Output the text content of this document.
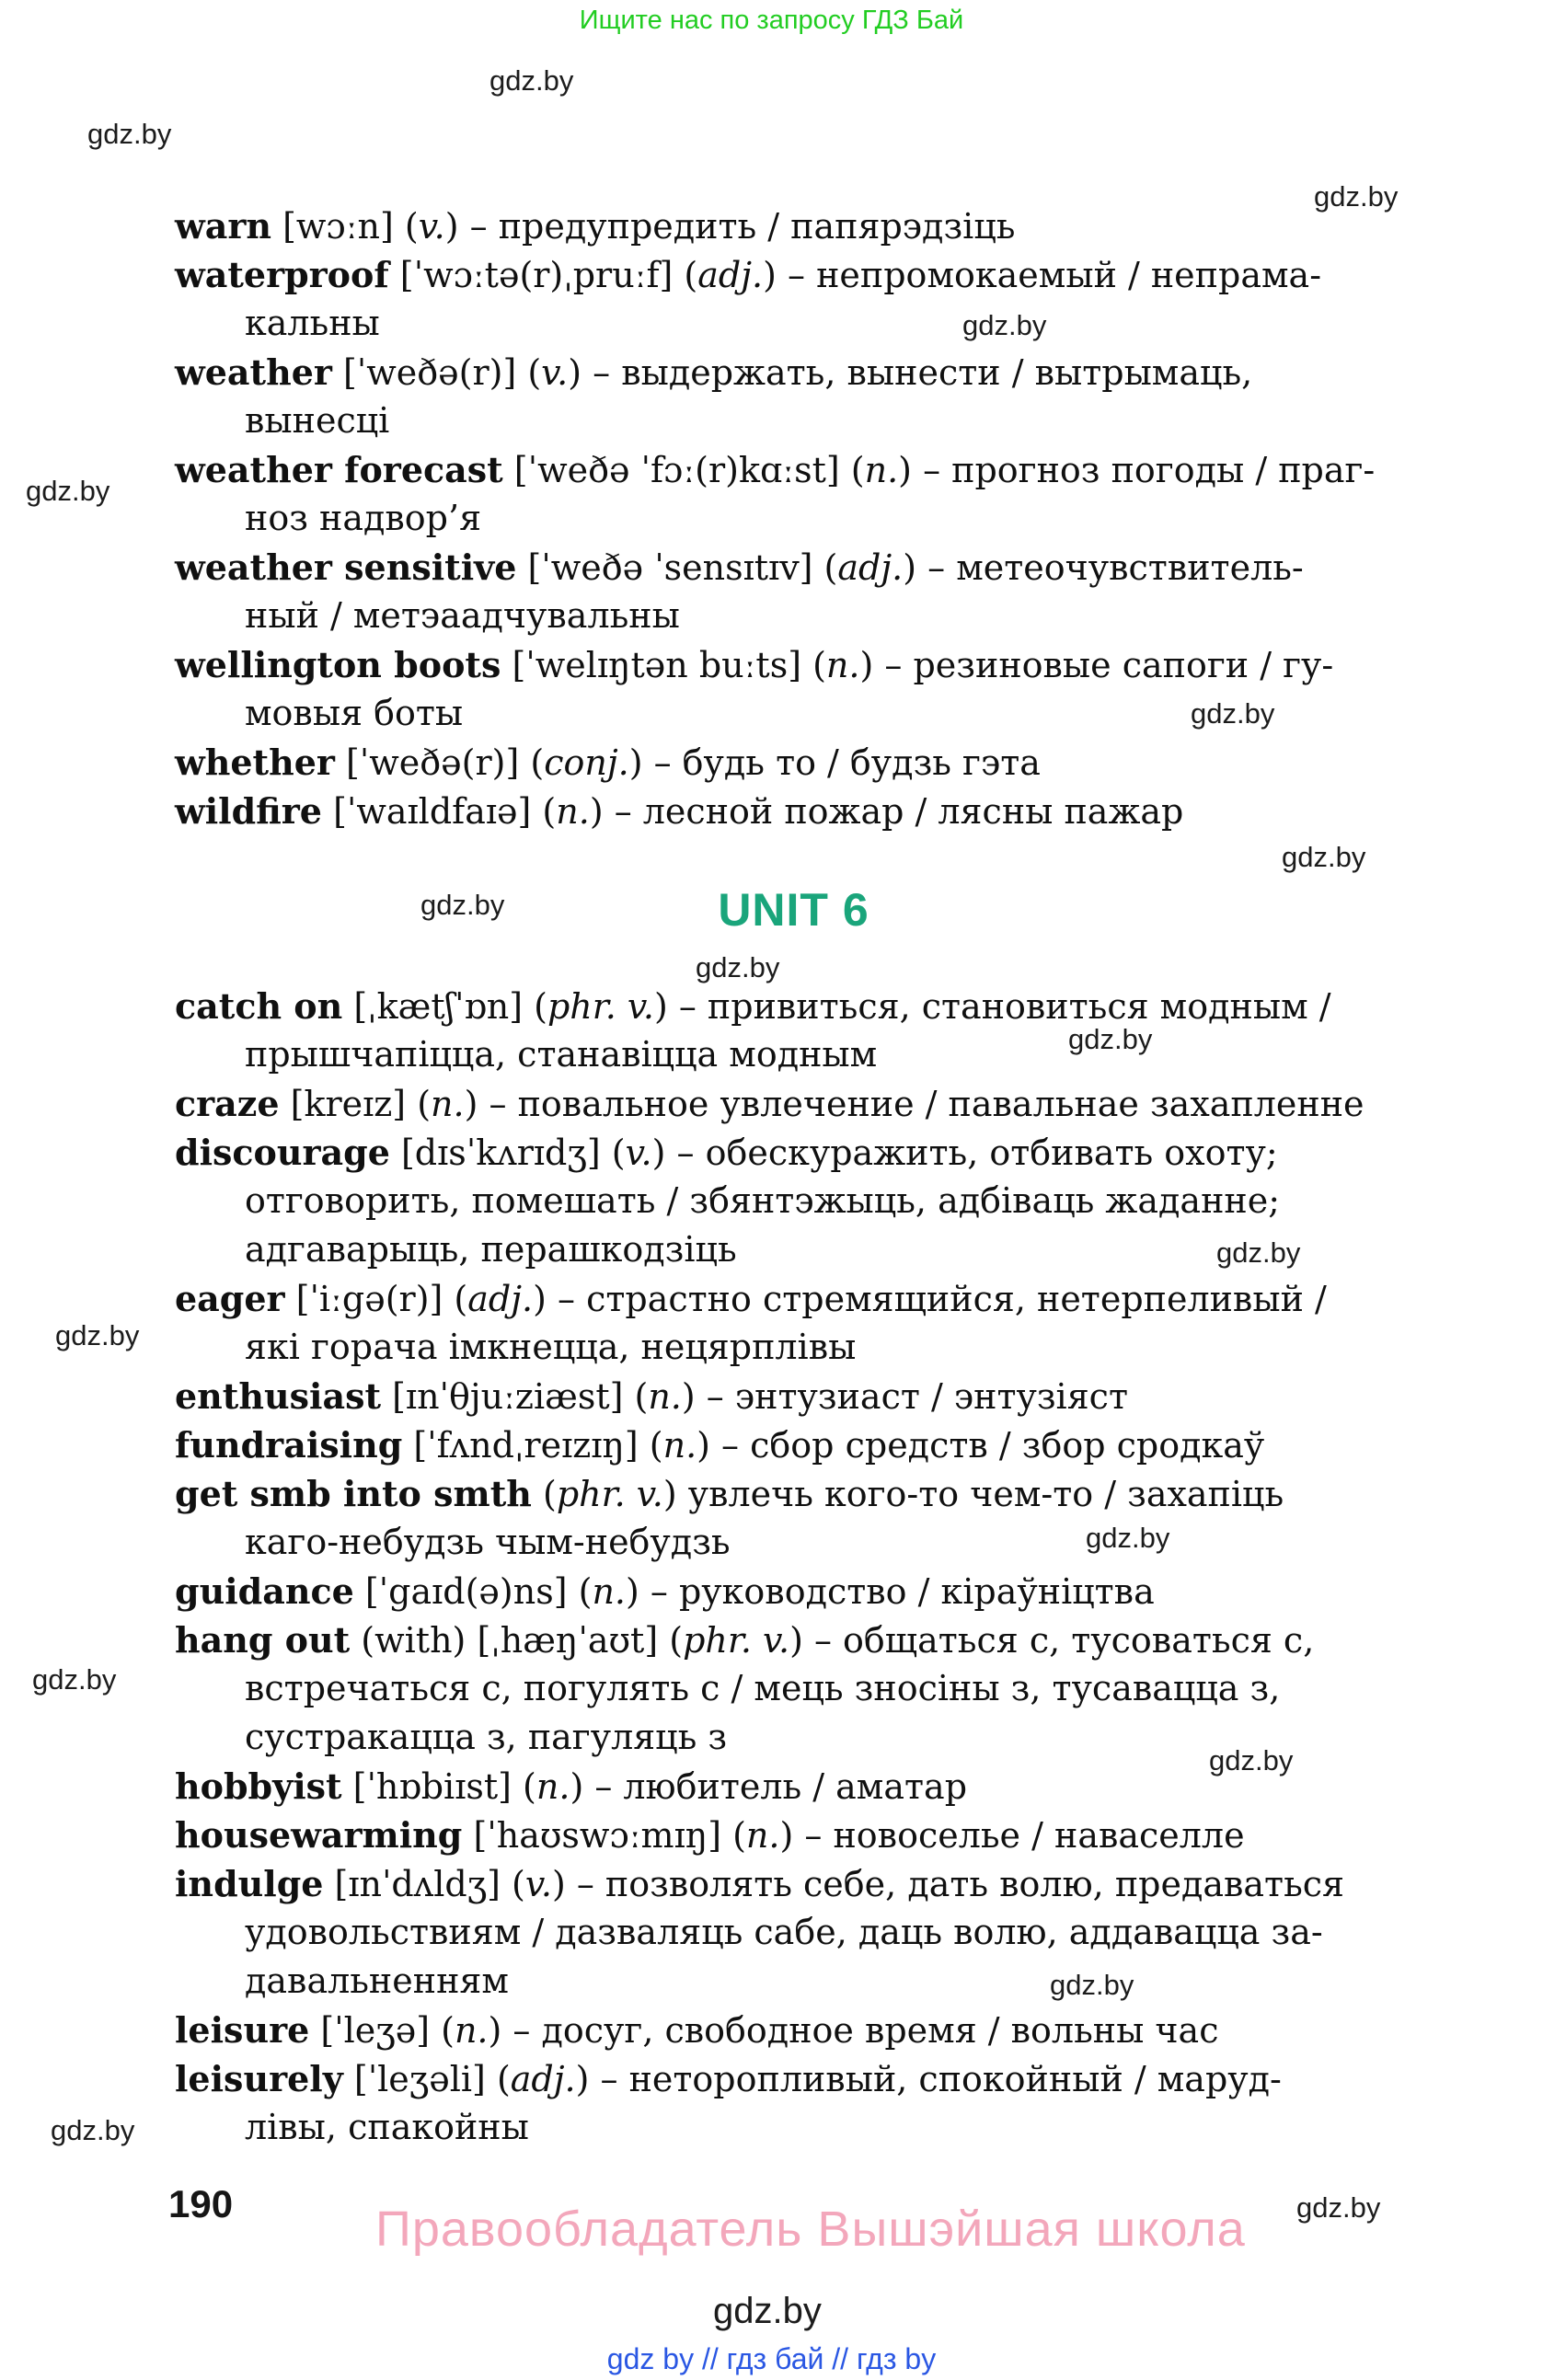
Ищите нас по запросу ГДЗ Бай
gdz.by
gdz.by
gdz.by
gdz.by
gdz.by
gdz.by
gdz.by
gdz.by
gdz.by
gdz.by
gdz.by
gdz.by
gdz.by
gdz.by
gdz.by
gdz.by
gdz.by
gdz.by
warn [wɔːn] (v.) – предупредить / папярэдзіць
waterproof [ˈwɔːtə(r)ˌpruːf] (adj.) – непромокаемый / непрама-
кальны
weather [ˈweðə(r)] (v.) – выдержать, вынести / вытрымаць,
вынесці
weather forecast [ˈweðə ˈfɔː(r)kɑːst] (n.) – прогноз погоды / праг-
ноз надвор’я
weather sensitive [ˈweðə ˈsensɪtɪv] (adj.) – метеочувствитель-
ный / метэаадчувальны
wellington boots [ˈwelɪŋtən buːts] (n.) – резиновые сапоги / гу-
мовыя боты
whether [ˈweðə(r)] (conj.) – будь то / будзь гэта
wildfire [ˈwaɪldfaɪə] (n.) – лесной пожар / лясны пажар
UNIT 6
catch on [ˌkætʃˈɒn] (phr. v.) – привиться, становиться модным /
прышчапіцца, станавіцца модным
craze [kreɪz] (n.) – повальное увлечение / павальнае захапленне
discourage [dɪsˈkʌrɪdʒ] (v.) – обескуражить, отбивать охоту;
отговорить, помешать / збянтэжыць, адбіваць жаданне;
адгаварыць, перашкодзіць
eager [ˈiːgə(r)] (adj.) – страстно стремящийся, нетерпеливый /
які горача імкнецца, нецярплівы
enthusiast [ɪnˈθjuːziæst] (n.) – энтузиаст / энтузіяст
fundraising [ˈfʌndˌreɪzɪŋ] (n.) – сбор средств / збор сродкаў
get smb into smth (phr. v.) увлечь кого-то чем-то / захапіць
каго-небудзь чым-небудзь
guidance [ˈgaɪd(ə)ns] (n.) – руководство / кіраўніцтва
hang out (with) [ˌhæŋˈaʊt] (phr. v.) – общаться с, тусоваться с,
встречаться с, погулять с / мець зносіны з, тусавацца з,
сустракацца з, пагуляць з
hobbyist [ˈhɒbiɪst] (n.) – любитель / аматар
housewarming [ˈhaʊswɔːmɪŋ] (n.) – новоселье / наваселле
indulge [ɪnˈdʌldʒ] (v.) – позволять себе, дать волю, предаваться
удовольствиям / дазваляць сабе, даць волю, аддавацца за-
давальненням
leisure [ˈleʒə] (n.) – досуг, свободное время / вольны час
leisurely [ˈleʒəli] (adj.) – неторопливый, спокойный / маруд-
лівы, спакойны
190	Правообладатель Вышэйшая школа
gdz.by
gdz by // гдз бай // гдз by
